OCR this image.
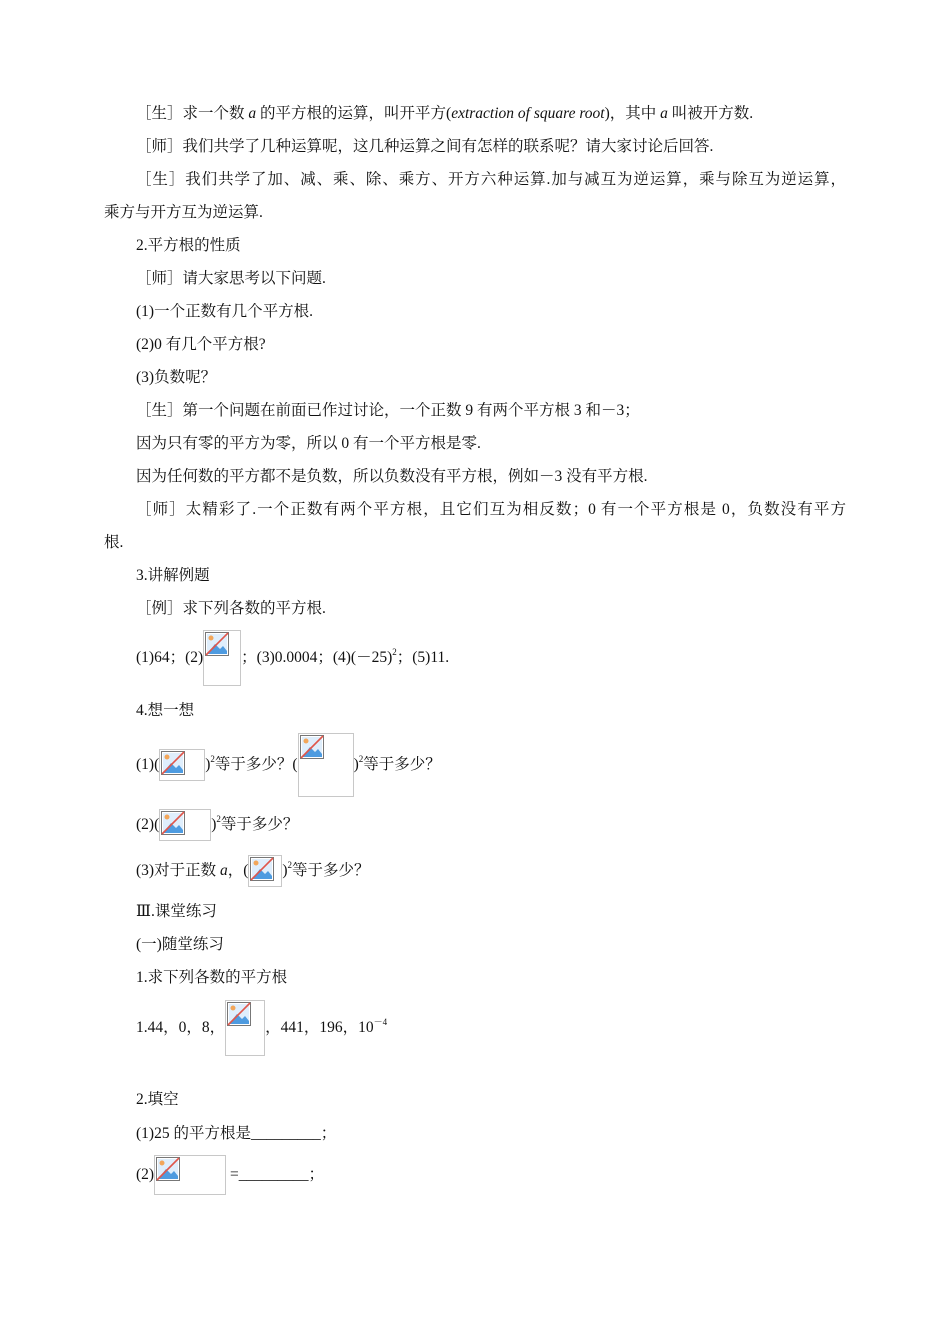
［生］求一个数 a 的平方根的运算，叫开平方(extraction of square root)，其中 a 叫被开方数.
［师］我们共学了几种运算呢，这几种运算之间有怎样的联系呢？请大家讨论后回答.
［生］我们共学了加、减、乘、除、乘方、开方六种运算.加与减互为逆运算，乘与除互为逆运算，
乘方与开方互为逆运算.
2.平方根的性质
［师］请大家思考以下问题.
(1)一个正数有几个平方根.
(2)0 有几个平方根?
(3)负数呢？
［生］第一个问题在前面已作过讨论，一个正数 9 有两个平方根 3 和－3；
因为只有零的平方为零，所以 0 有一个平方根是零.
因为任何数的平方都不是负数，所以负数没有平方根，例如－3 没有平方根.
［师］太精彩了.一个正数有两个平方根，且它们互为相反数；0 有一个平方根是 0，负数没有平方
根.
3.讲解例题
［例］求下列各数的平方根.
(1)64；(2) ；(3)0.0004；$(4)(-25)^2$；(5)11.
4.想一想
(1)(	)$^2$等于多少？(	)$^2$等于多少？
(2)(	)$^2$等于多少？
(3)对于正数 a，( )$^2$等于多少？
Ⅲ.课堂练习
(一)随堂练习
1.求下列各数的平方根
1.44，0，8，	，441，196，$10^{-4}$
2.填空
(1)25 的平方根是_________；
(2)	=_________；
